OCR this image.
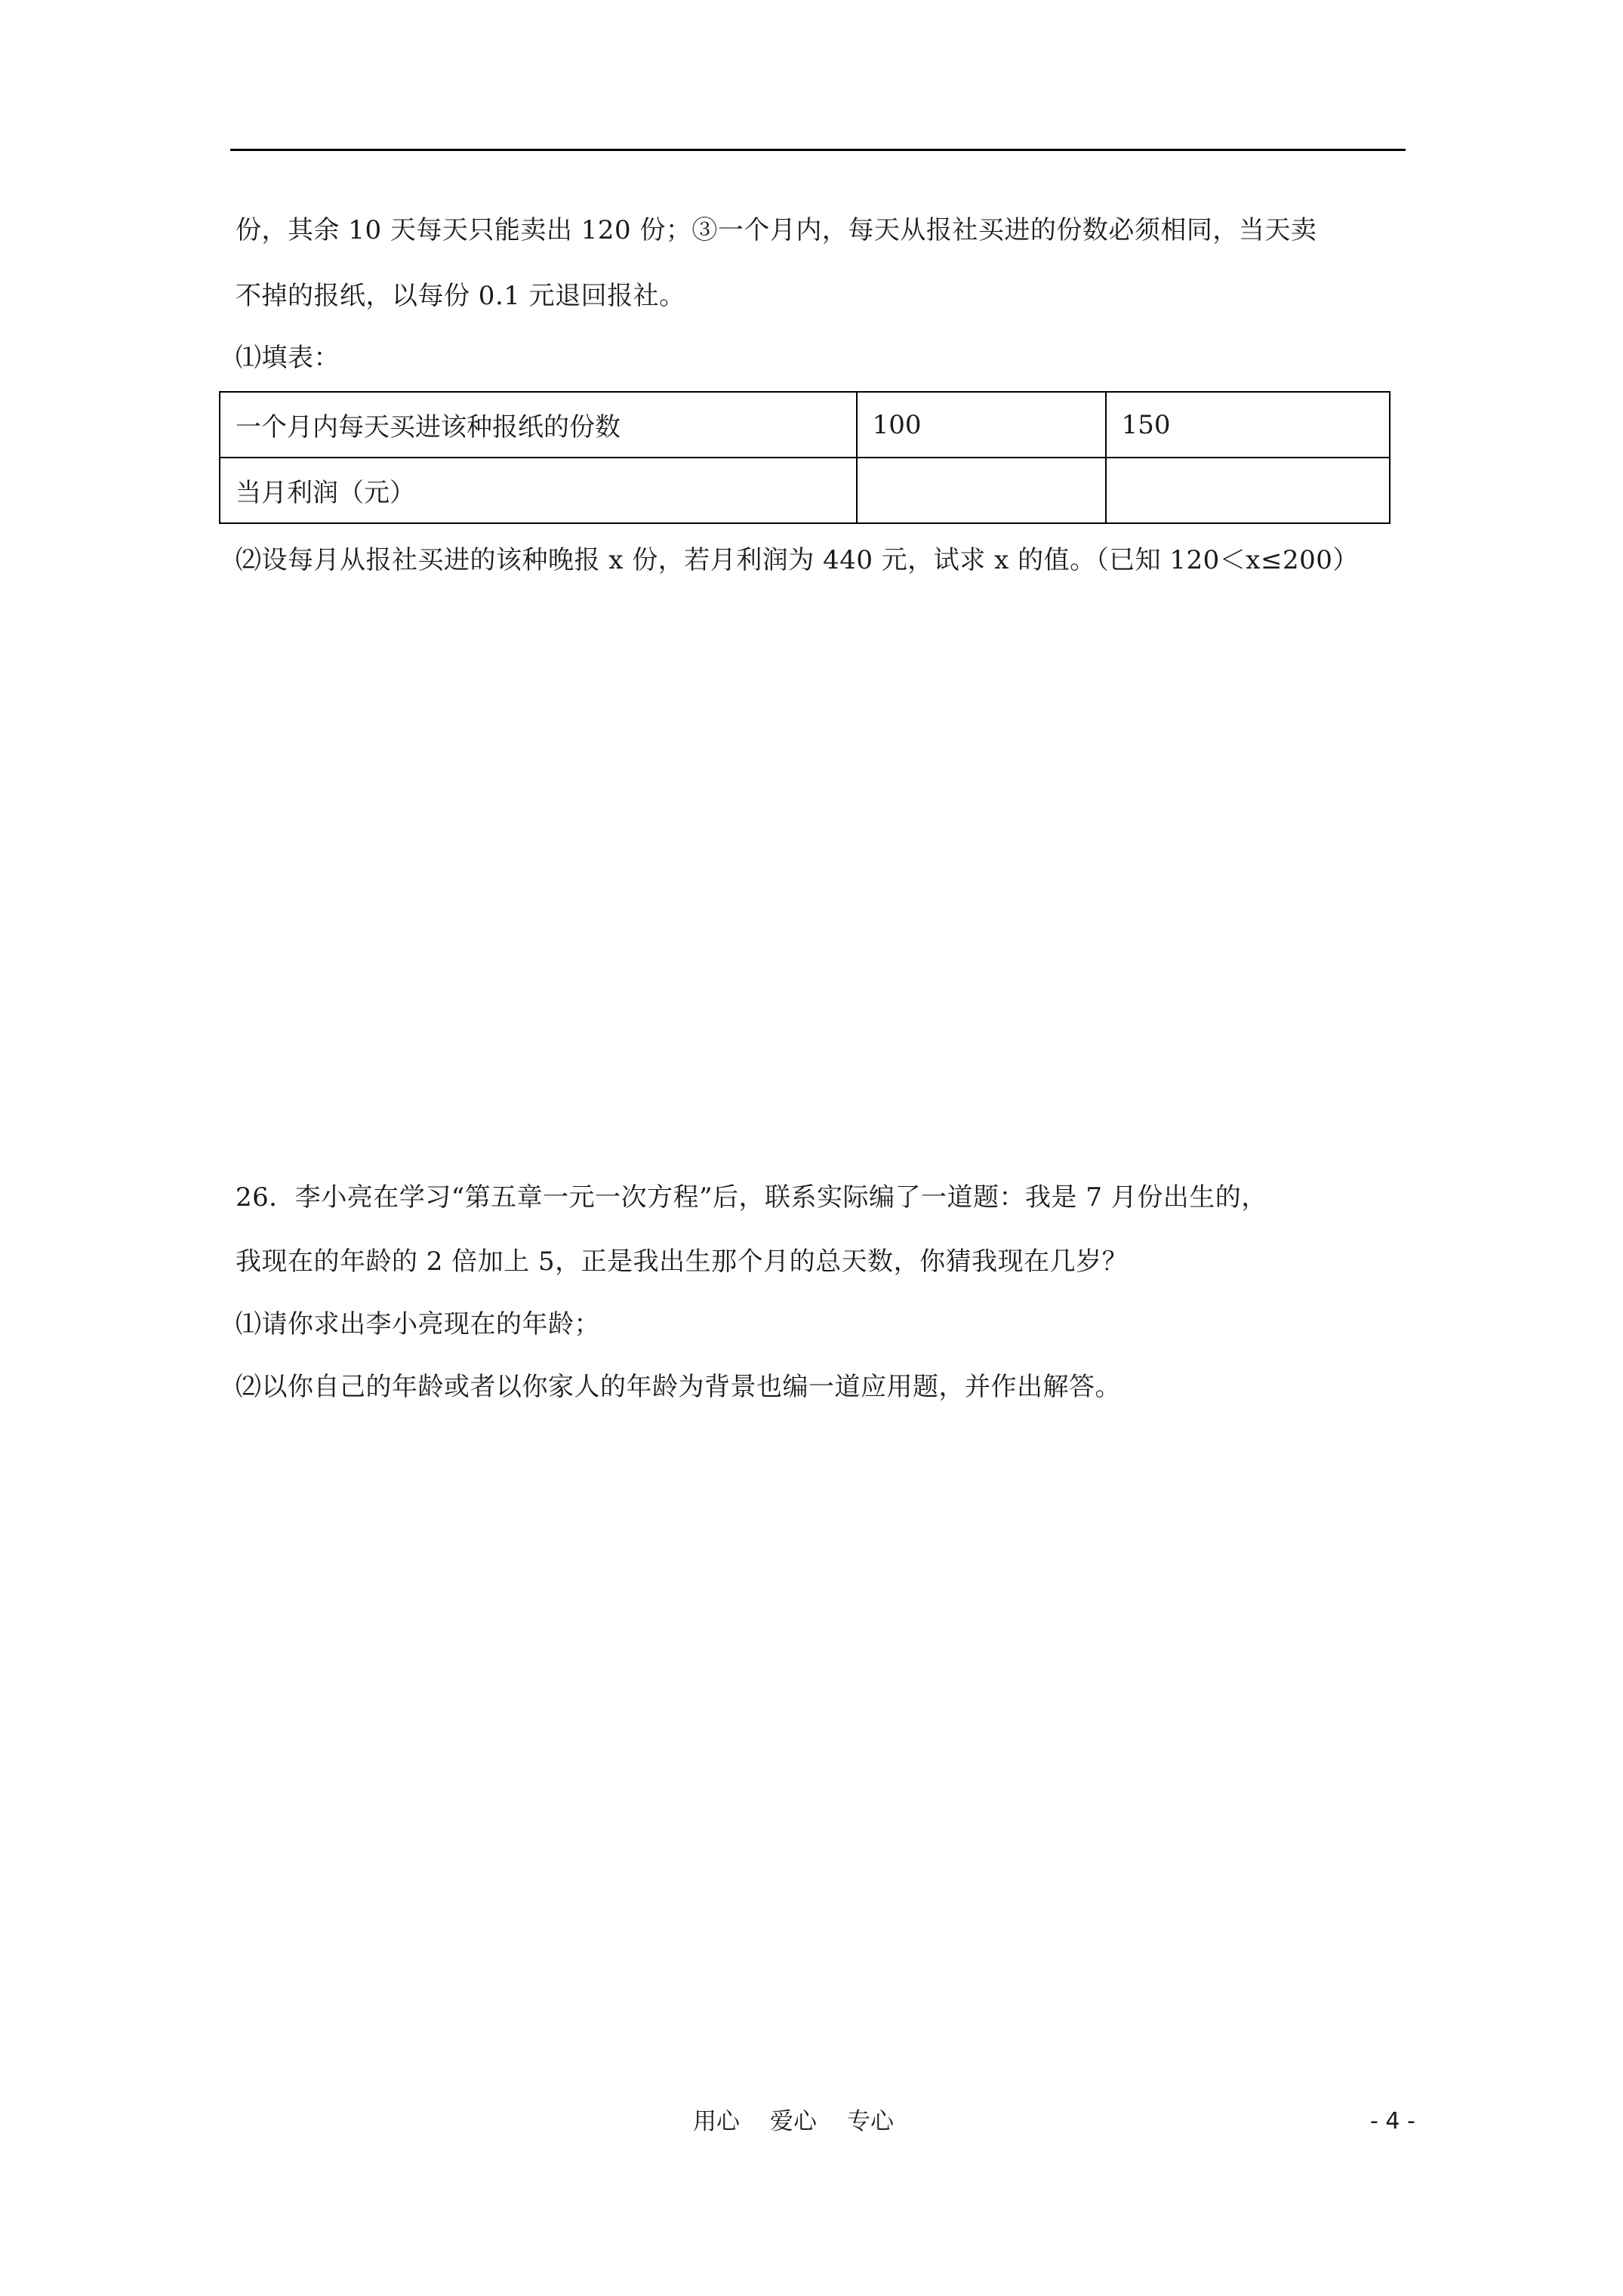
份，其余 10 天每天只能卖出 120 份；③一个月内，每天从报社买进的份数必须相同，当天卖
不掉的报纸，以每份 0.1 元退回报社。
⑴填表：
一个月内每天买进该种报纸的份数	100	150
当月利润（元）		
⑵设每月从报社买进的该种晚报 x 份，若月利润为 440 元，试求 x 的值。（已知 120＜x≤200）
26．李小亮在学习“第五章一元一次方程”后，联系实际编了一道题：我是 7 月份出生的，
我现在的年龄的 2 倍加上 5，正是我出生那个月的总天数，你猜我现在几岁？
⑴请你求出李小亮现在的年龄；
⑵以你自己的年龄或者以你家人的年龄为背景也编一道应用题，并作出解答。
用心 爱心 专心	- 4 -
